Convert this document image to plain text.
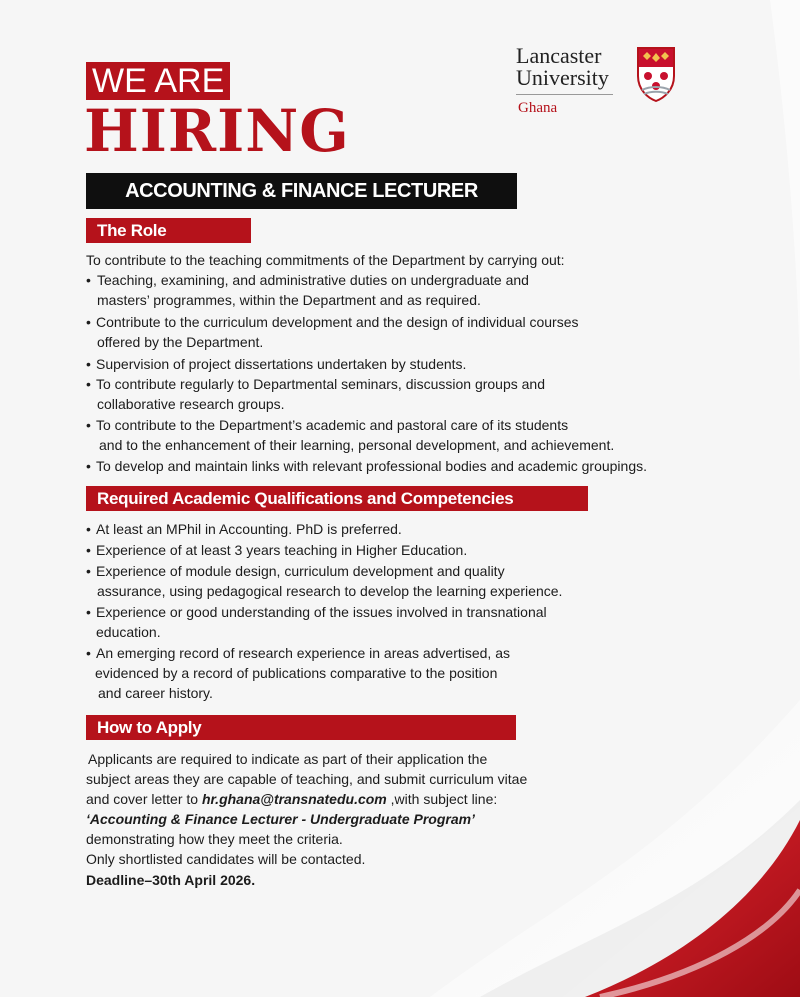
WE ARE
HIRING
ACCOUNTING & FINANCE LECTURER
Lancaster
University
Ghana
The Role
To contribute to the teaching commitments of the Department by carrying out:
• Teaching, examining, and administrative duties on undergraduate and
masters’ programmes, within the Department and as required.
• Contribute to the curriculum development and the design of individual courses
offered by the Department.
• Supervision of project dissertations undertaken by students.
• To contribute regularly to Departmental seminars, discussion groups and
collaborative research groups.
• To contribute to the Department’s academic and pastoral care of its students
and to the enhancement of their learning, personal development, and achievement.
• To develop and maintain links with relevant professional bodies and academic groupings.
Required Academic Qualifications and Competencies
• At least an MPhil in Accounting. PhD is preferred.
• Experience of at least 3 years teaching in Higher Education.
• Experience of module design, curriculum development and quality
assurance, using pedagogical research to develop the learning experience.
• Experience or good understanding of the issues involved in transnational
education.
• An emerging record of research experience in areas advertised, as
evidenced by a record of publications comparative to the position
and career history.
How to Apply
Applicants are required to indicate as part of their application the
subject areas they are capable of teaching, and submit curriculum vitae
and cover letter to hr.ghana@transnatedu.com ,with subject line:
‘Accounting & Finance Lecturer - Undergraduate Program’
demonstrating how they meet the criteria.
Only shortlisted candidates will be contacted.
Deadline–30th April 2026.
